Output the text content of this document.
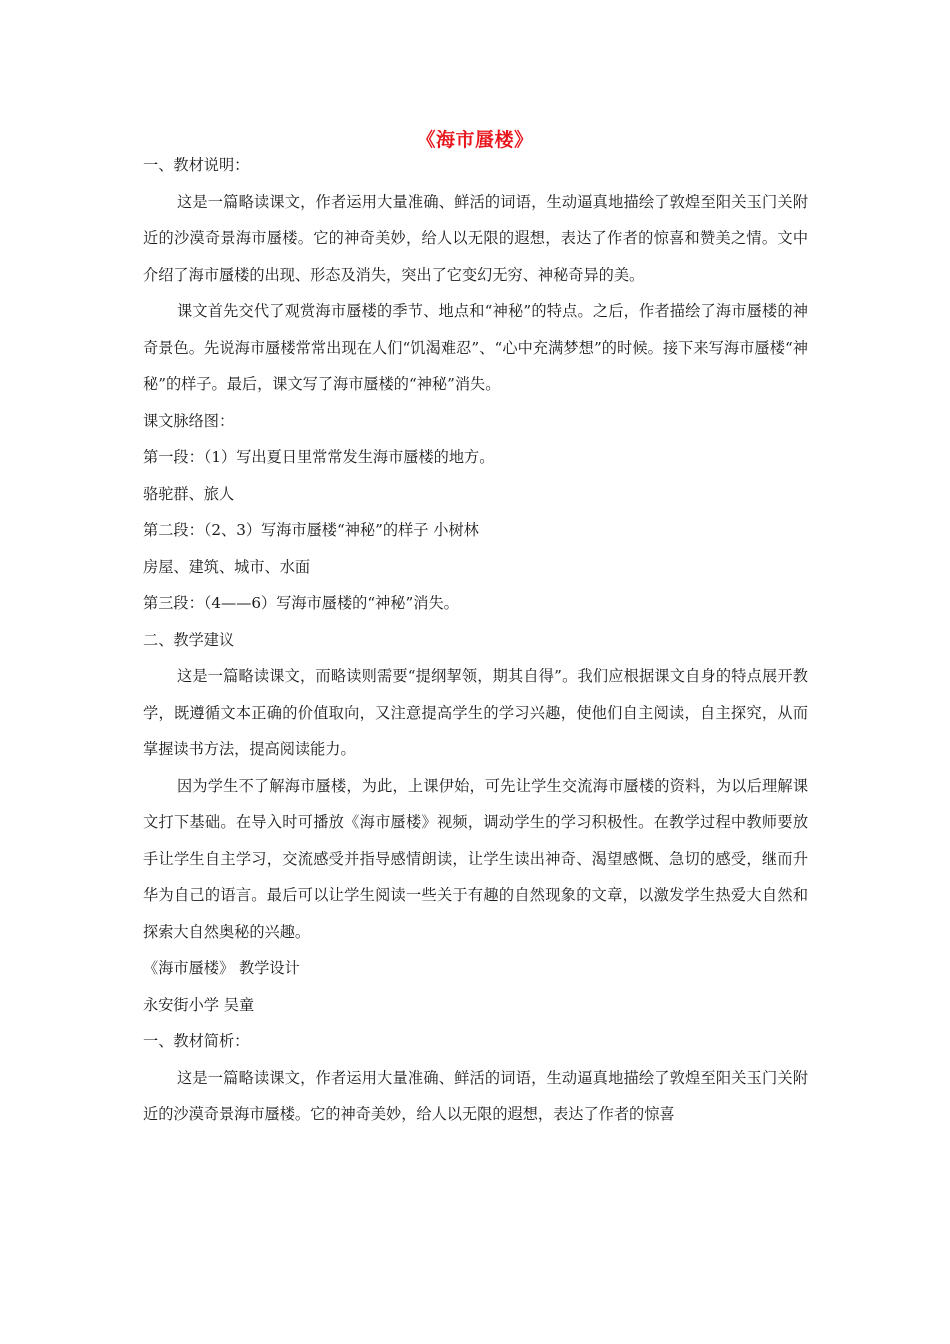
《海市蜃楼》

一、教材说明：

这是一篇略读课文，作者运用大量准确、鲜活的词语，生动逼真地描绘了敦煌至阳关玉门关附近的沙漠奇景海市蜃楼。它的神奇美妙，给人以无限的遐想，表达了作者的惊喜和赞美之情。文中介绍了海市蜃楼的出现、形态及消失，突出了它变幻无穷、神秘奇异的美。

课文首先交代了观赏海市蜃楼的季节、地点和“神秘”的特点。之后，作者描绘了海市蜃楼的神奇景色。先说海市蜃楼常常出现在人们“饥渴难忍”、“心中充满梦想”的时候。接下来写海市蜃楼“神秘”的样子。最后，课文写了海市蜃楼的“神秘”消失。

课文脉络图：

第一段：（1）写出夏日里常常发生海市蜃楼的地方。

骆驼群、旅人

第二段：（2、3）写海市蜃楼“神秘”的样子 小树林

房屋、建筑、城市、水面

第三段：（4——6）写海市蜃楼的“神秘”消失。

二、教学建议

这是一篇略读课文，而略读则需要“提纲挈领，期其自得”。我们应根据课文自身的特点展开教学，既遵循文本正确的价值取向，又注意提高学生的学习兴趣，使他们自主阅读，自主探究，从而掌握读书方法，提高阅读能力。

因为学生不了解海市蜃楼，为此，上课伊始，可先让学生交流海市蜃楼的资料，为以后理解课文打下基础。在导入时可播放《海市蜃楼》视频，调动学生的学习积极性。在教学过程中教师要放手让学生自主学习，交流感受并指导感情朗读，让学生读出神奇、渴望感慨、急切的感受，继而升华为自己的语言。最后可以让学生阅读一些关于有趣的自然现象的文章，以激发学生热爱大自然和探索大自然奥秘的兴趣。

《海市蜃楼》 教学设计

永安街小学 吴童

一、教材简析：

这是一篇略读课文，作者运用大量准确、鲜活的词语，生动逼真地描绘了敦煌至阳关玉门关附近的沙漠奇景海市蜃楼。它的神奇美妙，给人以无限的遐想，表达了作者的惊喜
